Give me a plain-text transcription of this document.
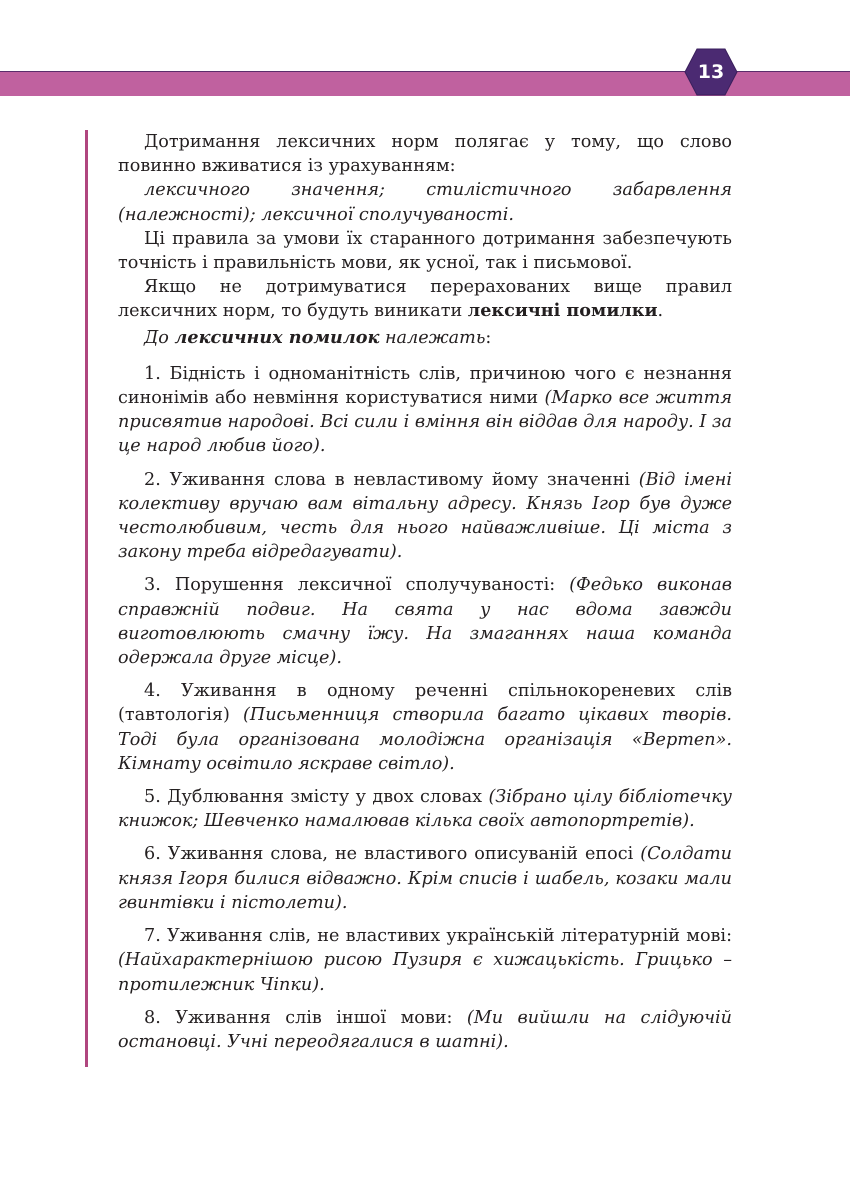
13

Дотримання лексичних норм полягає у тому, що слово повинно вживатися із урахуванням:

лексичного значення; стилістичного забарвлення (належності); лексичної сполучуваності.

Ці правила за умови їх старанного дотримання забезпечують точність і правильність мови, як усної, так і письмової.

Якщо не дотримуватися перерахованих вище правил лексичних норм, то будуть виникати лексичні помилки.

До лексичних помилок належать:

1. Бідність і одноманітність слів, причиною чого є незнання синонімів або невміння користуватися ними (Марко все життя присвятив народові. Всі сили і вміння він віддав для народу. І за це народ любив його).

2. Уживання слова в невластивому йому значенні (Від імені колективу вручаю вам вітальну адресу. Князь Ігор був дуже честолюбивим, честь для нього найважливіше. Ці міста з закону треба відредагувати).

3. Порушення лексичної сполучуваності: (Федько виконав справжній подвиг. На свята у нас вдома завжди виготовлюють смачну їжу. На змаганнях наша команда одержала друге місце).

4. Уживання в одному реченні спільнокореневих слів (тавтологія) (Письменниця створила багато цікавих творів. Тоді була організована молодіжна організація «Вертеп». Кімнату освітило яскраве світло).

5. Дублювання змісту у двох словах (Зібрано цілу бібліотечку книжок; Шевченко намалював кілька своїх автопортретів).

6. Уживання слова, не властивого описуваній епосі (Солдати князя Ігоря билися відважно. Крім списів і шабель, козаки мали гвинтівки і пістолети).

7. Уживання слів, не властивих українській літературній мові: (Найхарактернішою рисою Пузиря є хижацькість. Грицько – протилежник Чіпки).

8. Уживання слів іншої мови: (Ми вийшли на слідуючій остановці. Учні переодягалися в шатні).
